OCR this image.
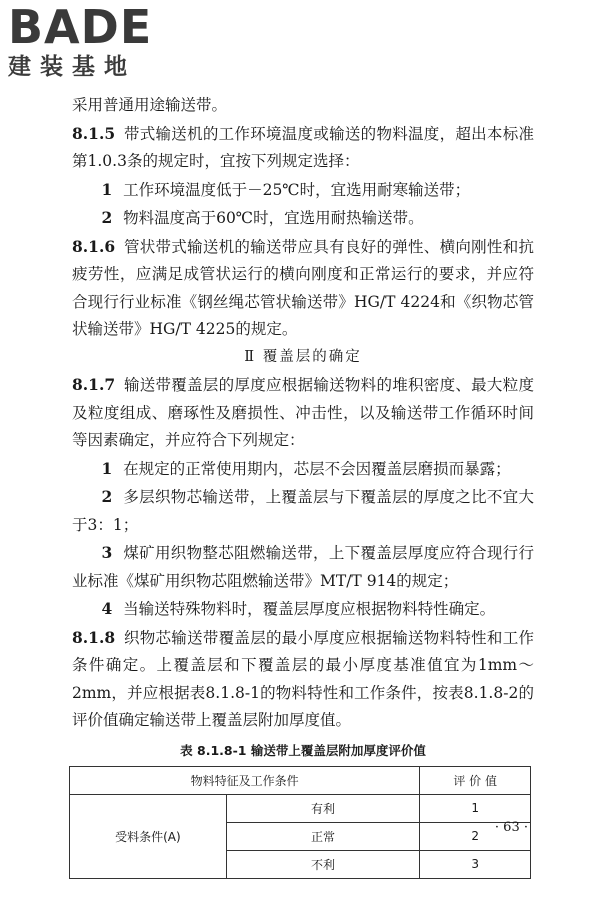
BADE
建装基地

采用普通用途输送带。

8.1.5 带式输送机的工作环境温度或输送的物料温度，超出本标准第1.0.3条的规定时，宜按下列规定选择：

1 工作环境温度低于－25℃时，宜选用耐寒输送带；

2 物料温度高于60℃时，宜选用耐热输送带。

8.1.6 管状带式输送机的输送带应具有良好的弹性、横向刚性和抗疲劳性，应满足成管状运行的横向刚度和正常运行的要求，并应符合现行行业标准《钢丝绳芯管状输送带》HG/T 4224和《织物芯管状输送带》HG/T 4225的规定。

Ⅱ 覆盖层的确定

8.1.7 输送带覆盖层的厚度应根据输送物料的堆积密度、最大粒度及粒度组成、磨琢性及磨损性、冲击性，以及输送带工作循环时间等因素确定，并应符合下列规定：

1 在规定的正常使用期内，芯层不会因覆盖层磨损而暴露；

2 多层织物芯输送带，上覆盖层与下覆盖层的厚度之比不宜大于3：1；

3 煤矿用织物整芯阻燃输送带，上下覆盖层厚度应符合现行行业标准《煤矿用织物芯阻燃输送带》MT/T 914的规定；

4 当输送特殊物料时，覆盖层厚度应根据物料特性确定。

8.1.8 织物芯输送带覆盖层的最小厚度应根据输送物料特性和工作条件确定。上覆盖层和下覆盖层的最小厚度基准值宜为1mm～2mm，并应根据表8.1.8-1的物料特性和工作条件，按表8.1.8-2的评价值确定输送带上覆盖层附加厚度值。

表 8.1.8-1 输送带上覆盖层附加厚度评价值
物料特征及工作条件		评 价 值
受料条件(A)	有利	1
	正常	2
	不利	3
· 63 ·
